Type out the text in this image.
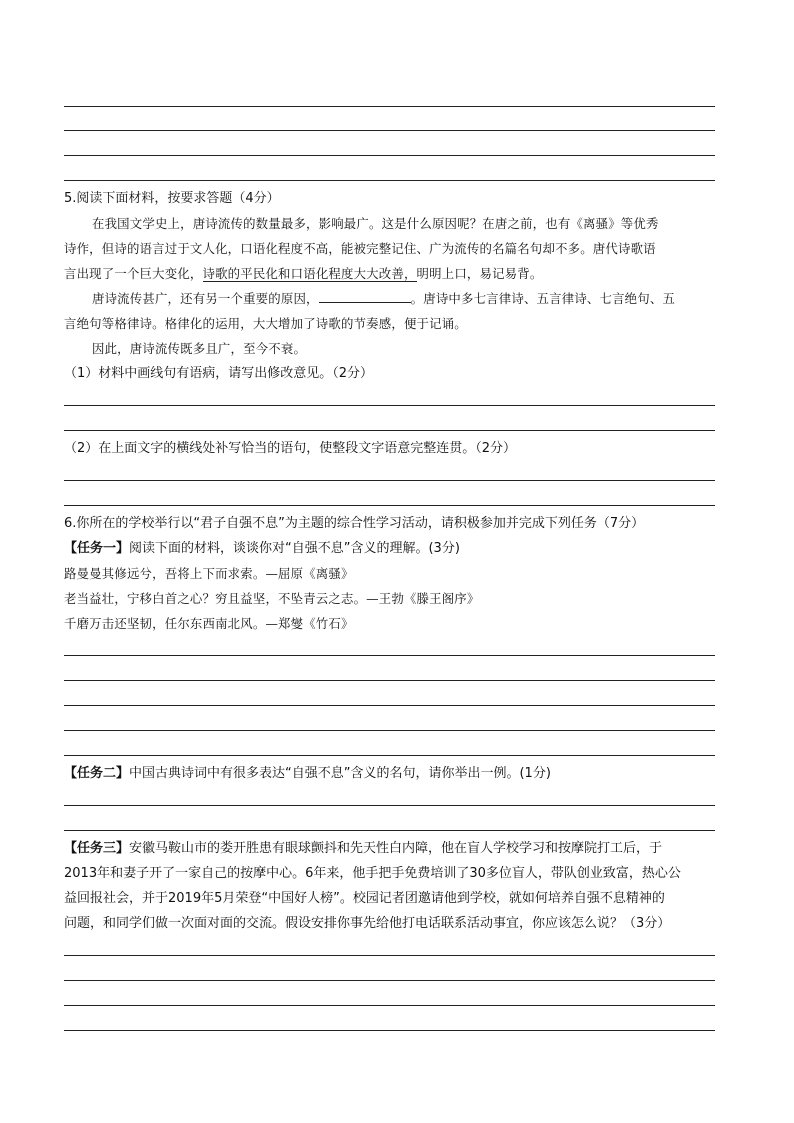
5.阅读下面材料，按要求答题（4分）
在我国文学史上，唐诗流传的数量最多，影响最广。这是什么原因呢？在唐之前，也有《离骚》等优秀
诗作，但诗的语言过于文人化，口语化程度不高，能被完整记住、广为流传的名篇名句却不多。唐代诗歌语
言出现了一个巨大变化，诗歌的平民化和口语化程度大大改善，明明上口，易记易背。
唐诗流传甚广，还有另一个重要的原因，	。唐诗中多七言律诗、五言律诗、七言绝句、五
言绝句等格律诗。格律化的运用，大大增加了诗歌的节奏感，便于记诵。
因此，唐诗流传既多且广，至今不衰。
（1）材料中画线句有语病，请写出修改意见。（2分）
（2）在上面文字的横线处补写恰当的语句，使整段文字语意完整连贯。（2分）
6.你所在的学校举行以“君子自强不息”为主题的综合性学习活动，请积极参加并完成下列任务（7分）
【任务一】阅读下面的材料，谈谈你对“自强不息”含义的理解。(3分)
路曼曼其修远兮，吾将上下而求索。—屈原《离骚》
老当益壮，宁移白首之心？穷且益坚，不坠青云之志。—王勃《滕王阁序》
千磨万击还坚韧，任尔东西南北风。—郑燮《竹石》
【任务二】中国古典诗词中有很多表达“自强不息”含义的名句，请你举出一例。(1分)
【任务三】安徽马鞍山市的娄开胜患有眼球颤抖和先天性白内障，他在盲人学校学习和按摩院打工后，于
2013年和妻子开了一家自己的按摩中心。6年来，他手把手免费培训了30多位盲人，带队创业致富，热心公
益回报社会，并于2019年5月荣登“中国好人榜”。校园记者团邀请他到学校，就如何培养自强不息精神的
问题，和同学们做一次面对面的交流。假设安排你事先给他打电话联系活动事宜，你应该怎么说？（3分）
